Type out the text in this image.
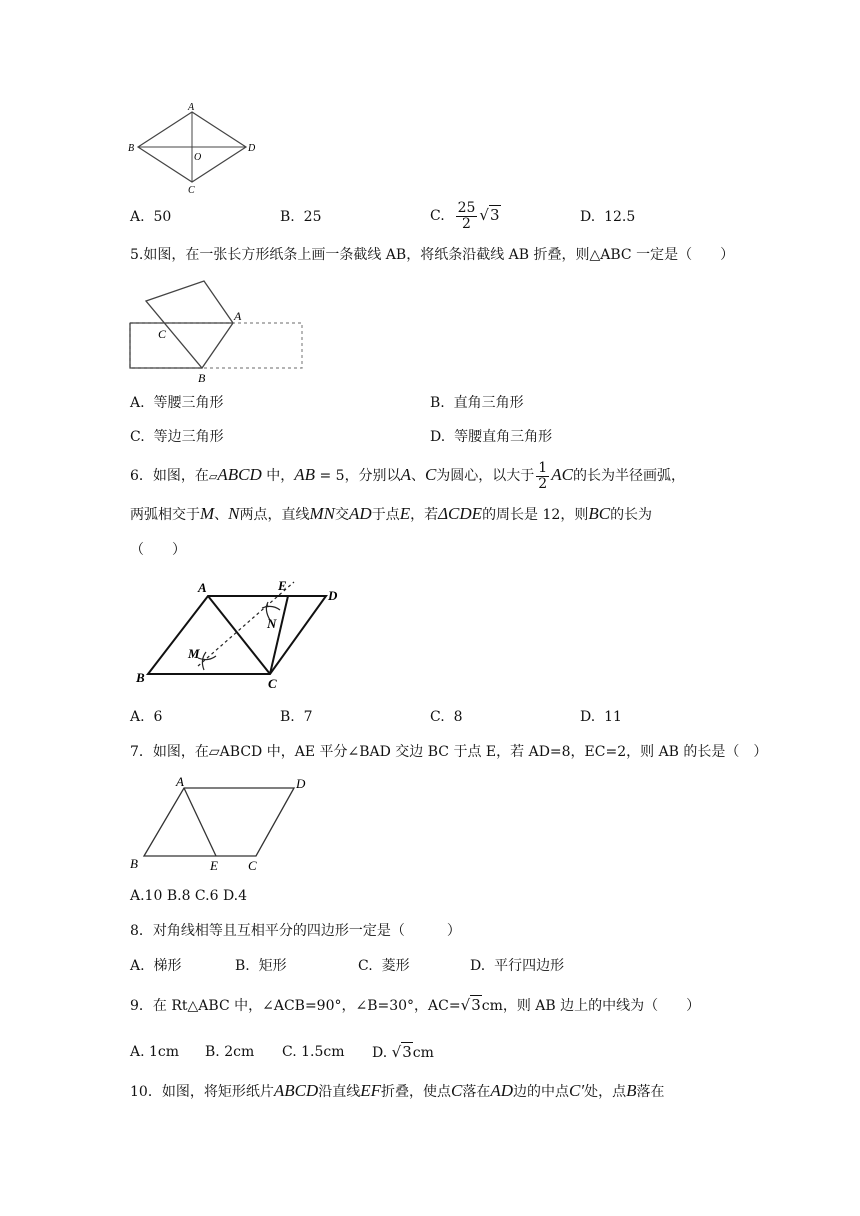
A
B
O
D
C
A. 50	B. 25	C. $\frac{25}{2} √3$	D. 12.5
5.如图，在一张长方形纸条上画一条截线 AB，将纸条沿截线 AB 折叠，则△ABC 一定是（　　）
A
C
B
A. 等腰三角形	B. 直角三角形
C. 等边三角形	D. 等腰直角三角形
6．如图，在▱ABCD 中，AB = 5，分别以A、C为圆心，以大于 $\frac{1}{2}$ AC的长为半径画弧，
两弧相交于M、N两点，直线MN交AD于点E，若ΔCDE的周长是 12，则BC的长为
（　　）
A	E
D
N
M
B	C
A. 6	B. 7	C. 8	D. 11
7．如图，在▱ABCD 中，AE 平分∠BAD 交边 BC 于点 E，若 AD=8，EC=2，则 AB 的长是（　）
A	D
B	E C
A.10 B.8 C.6 D.4
8．对角线相等且互相平分的四边形一定是（　　　）
A. 梯形	B. 矩形	C. 菱形	D. 平行四边形
9．在 Rt△ABC 中，∠ACB=90°，∠B=30°，AC=√3cm，则 AB 边上的中线为（　　）
A. 1cm B. 2cm C. 1.5cm D. √3cm
10．如图，将矩形纸片ABCD沿直线EF折叠，使点C落在AD边的中点C′处，点B落在
